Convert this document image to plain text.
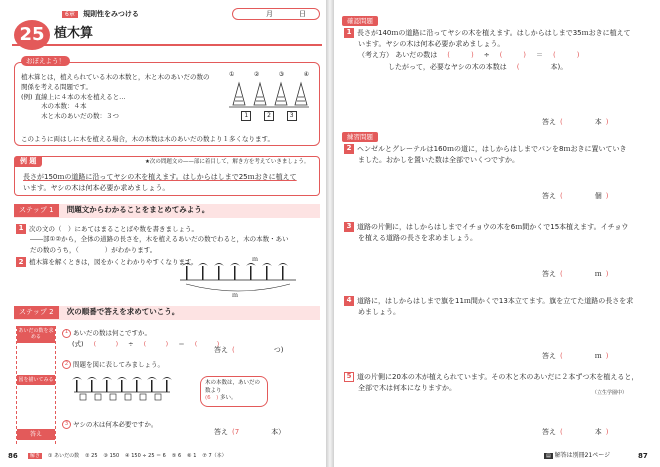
6章 規則性をみつける	月	日
25 植木算
おぼえよう！
植木算とは，植えられている木の本数と，木と木のあいだの数の
関係を考える問題です。
(例) 直線上に４本の木を植えると…
木の本数：４本
木と木のあいだの数：３つ
このように両はしに木を植える場合，木の本数は木のあいだの数より１多くなります。
①	②	③	④
1	2	3
例 題	★次の問題文の——部に着目して，解き方を考えていきましょう。
長さが150ｍの道路に沿ってヤシの木を植えます。はしからはしまで25ｍおきに植えて
います。ヤシの木は何本必要か求めましょう。
ステップ 1 問題文からわかることをまとめてみよう。
1 次の文の（　）にあてはまることばや数を書きましょう。
――部①②から，全体の道路の長さを，木を植えるあいだの数でわると，木の本数・あい
だの数のうち，（　　　　）がわかります。
2 植木算を解くときは，図をかくとわかりやすくなります。	ｍ
ｍ
ステップ 2 次の順番で答えを求めていこう。
あいだの数を求める
図を描いてみる
答え
1 あいだの数は何こですか。
(式) (　　　) ÷ (　　　) ＝ (　　　)
答え (　　　　　 つ)
2 問題を図に表してみましょう。
木の本数は，あいだの数より
(6　) 多い。
3 ヤシの木は何本必要ですか。
答え (7　　　　 本）
86	解き	① あいだの数 ② 25 ③ 150 ④ 150 ÷ 25 ＝ 6 ⑤ 6 ⑥ 1 ⑦ 7（本）
確認問題
1 長さが140ｍの道路に沿ってヤシの木を植えます。はしからはしまで35ｍおきに植えて
います。ヤシの木は何本必要か求めましょう。
（考え方） あいだの数は (　　　) ÷ (　　　) ＝ (　　　)
したがって，必要なヤシの木の本数は (　　　 本)。
答え (　　　　 本 )
練習問題
2 ヘンゼルとグレーテルは160ｍの道に，はしからはしまでパンを8ｍおきに置いていき
ました。おかしを置いた数は全部でいくつですか。
答え (　　　　 個 )
3 道路の片側に，はしからはしまでイチョウの木を6ｍ間かくで15本植えます。イチョウ
を植える道路の長さを求めましょう。
答え (　　　　 ｍ )
4 道路に，はしからはしまで旗を11ｍ間かくで13本立てます。旗を立てた道路の長さを求
めましょう。
答え (　　　　 ｍ )
5 道の片側に20本の木が植えられています。その木と木のあいだに２本ずつ木を植えると，
全部で木は何本になりますか。
（立生学園中）
答え (　　　　 本 )
▤ 解答は別冊21ページ	87
